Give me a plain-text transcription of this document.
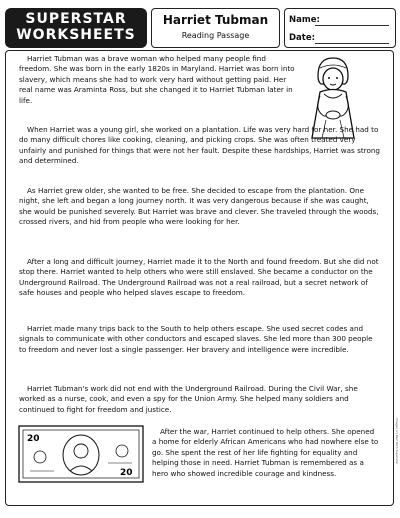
SUPERSTAR
WORKSHEETS
Harriet Tubman
Reading Passage
Name:
Date:

Harriet Tubman was a brave woman who helped many people find freedom. She was born in the early 1820s in Maryland. Harriet was born into slavery, which means she had to work very hard without getting paid. Her real name was Araminta Ross, but she changed it to Harriet Tubman later in life.

When Harriet was a young girl, she worked on a plantation. Life was very hard for her. She had to do many difficult chores like cooking, cleaning, and picking crops. She was often treated very unfairly and punished for things that were not her fault. Despite these hardships, Harriet was strong and determined.

As Harriet grew older, she wanted to be free. She decided to escape from the plantation. One night, she left and began a long journey north. It was very dangerous because if she was caught, she would be punished severely. But Harriet was brave and clever. She traveled through the woods, crossed rivers, and hid from people who were looking for her.

After a long and difficult journey, Harriet made it to the North and found freedom. But she did not stop there. Harriet wanted to help others who were still enslaved. She became a conductor on the Underground Railroad. The Underground Railroad was not a real railroad, but a secret network of safe houses and people who helped slaves escape to freedom.

Harriet made many trips back to the South to help others escape. She used secret codes and signals to communicate with other conductors and escaped slaves. She led more than 300 people to freedom and never lost a single passenger. Her bravery and intelligence were incredible.

Harriet Tubman's work did not end with the Underground Railroad. During the Civil War, she worked as a nurse, cook, and even a spy for the Union Army. She helped many soldiers and continued to fight for freedom and justice.

20
20

After the war, Harriet continued to help others. She opened a home for elderly African Americans who had nowhere else to go. She spent the rest of her life fighting for equality and helping those in need. Harriet Tubman is remembered as a hero who showed incredible courage and kindness.

Images (c) Pam Rich Superstar
